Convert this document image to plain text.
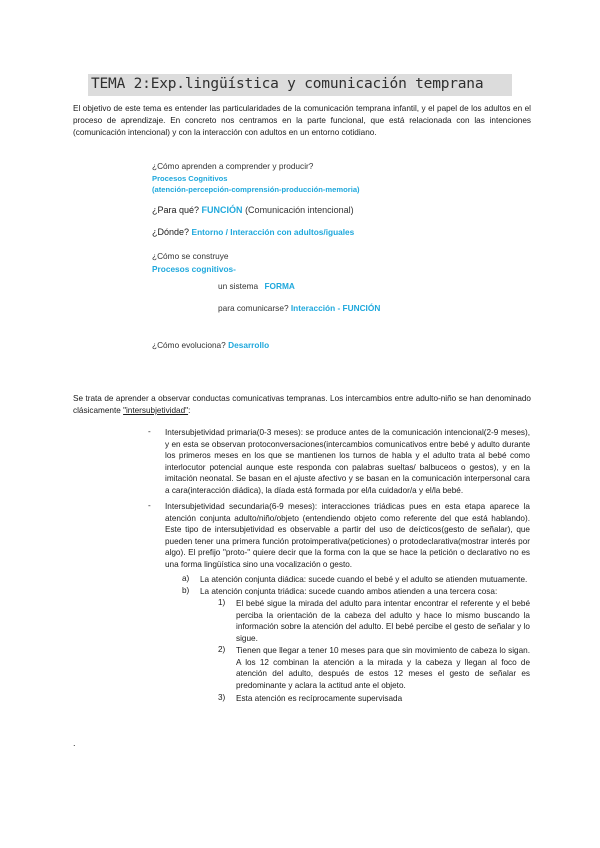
TEMA 2:Exp.lingüística y comunicación temprana

El objetivo de este tema es entender las particularidades de la comunicación temprana infantil, y el papel de los adultos en el proceso de aprendizaje. En concreto nos centramos en la parte funcional, que está relacionada con las intenciones (comunicación intencional) y con la interacción con adultos en un entorno cotidiano.

¿Cómo aprenden a comprender y producir?
Procesos Cognitivos
(atención-percepción-comprensión-producción-memoria)
¿Para qué? FUNCIÓN (Comunicación intencional)
¿Dónde? Entorno / Interacción con adultos/iguales
¿Cómo se construye
Procesos cognitivos-
un sistema FORMA
para comunicarse? Interacción - FUNCIÓN
¿Cómo evoluciona? Desarrollo

Se trata de aprender a observar conductas comunicativas tempranas. Los intercambios entre adulto-niño se han denominado clásicamente "intersubjetividad":

- Intersubjetividad primaria(0-3 meses): se produce antes de la comunicación intencional(2-9 meses), y en esta se observan protoconversaciones(intercambios comunicativos entre bebé y adulto durante los primeros meses en los que se mantienen los turnos de habla y el adulto trata al bebé como interlocutor potencial aunque este responda con palabras sueltas/ balbuceos o gestos), y en la imitación neonatal. Se basan en el ajuste afectivo y se basan en la comunicación interpersonal cara a cara(interacción diádica), la díada está formada por el/la cuidador/a y el/la bebé.

- Intersubjetividad secundaria(6-9 meses): interacciones triádicas pues en esta etapa aparece la atención conjunta adulto/niño/objeto (entendiendo objeto como referente del que está hablando). Este tipo de intersubjetividad es observable a partir del uso de deícticos(gesto de señalar), que pueden tener una primera función protoimperativa(peticiones) o protodeclarativa(mostrar interés por algo). El prefijo "proto-" quiere decir que la forma con la que se hace la petición o declarativo no es una forma lingüística sino una vocalización o gesto.

a) La atención conjunta diádica: sucede cuando el bebé y el adulto se atienden mutuamente.

b) La atención conjunta triádica: sucede cuando ambos atienden a una tercera cosa:

1) El bebé sigue la mirada del adulto para intentar encontrar el referente y el bebé perciba la orientación de la cabeza del adulto y hace lo mismo buscando la información sobre la atención del adulto. El bebé percibe el gesto de señalar y lo sigue.

2) Tienen que llegar a tener 10 meses para que sin movimiento de cabeza lo sigan. A los 12 combinan la atención a la mirada y la cabeza y llegan al foco de atención del adulto, después de estos 12 meses el gesto de señalar es predominante y aclara la actitud ante el objeto.

3) Esta atención es recíprocamente supervisada

.
